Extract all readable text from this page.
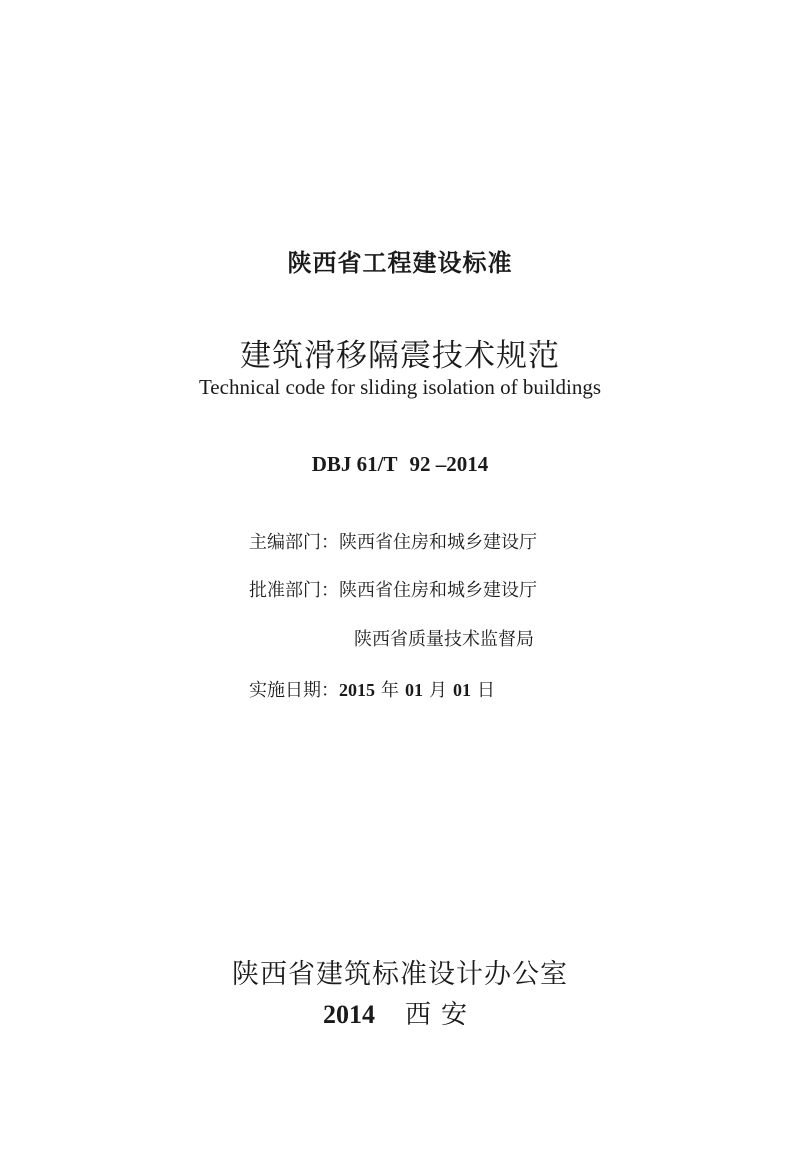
陕西省工程建设标准
建筑滑移隔震技术规范
Technical code for sliding isolation of buildings
DBJ 61/T 92 –2014
主编部门：陕西省住房和城乡建设厅
批准部门：陕西省住房和城乡建设厅
陕西省质量技术监督局
实施日期：2015 年 01 月 01 日
陕西省建筑标准设计办公室
2014 西安
